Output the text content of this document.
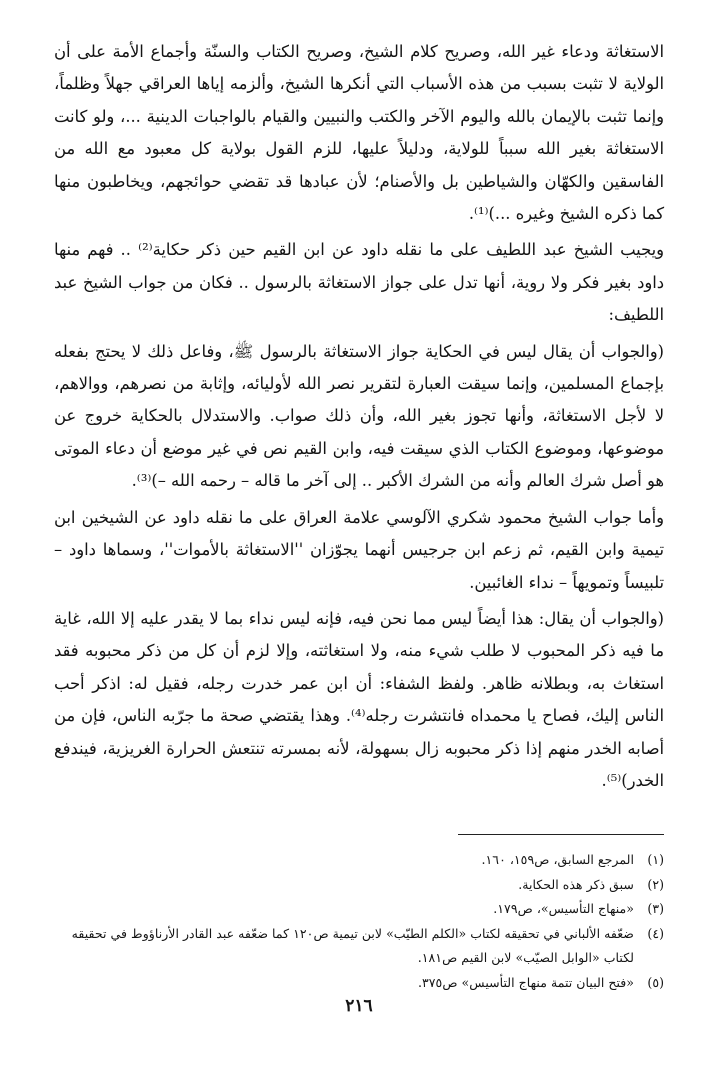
الاستغاثة ودعاء غير الله، وصريح كلام الشيخ، وصريح الكتاب والسنّة وأجماع الأمة على أن الولاية لا تثبت بسبب من هذه الأسباب التي أنكرها الشيخ، وألزمه إياها العراقي جهلاً وظلماً، وإنما تثبت بالإيمان بالله واليوم الآخر والكتب والنبيين والقيام بالواجبات الدينية ...، ولو كانت الاستغاثة بغير الله سبباً للولاية، ودليلاً عليها، للزم القول بولاية كل معبود مع الله من الفاسقين والكهّان والشياطين بل والأصنام؛ لأن عبادها قد تقضي حوائجهم، ويخاطبون منها كما ذكره الشيخ وغيره ...)⁽¹⁾.

ويجيب الشيخ عبد اللطيف على ما نقله داود عن ابن القيم حين ذكر حكاية⁽²⁾ .. فهم منها داود بغير فكر ولا روية، أنها تدل على جواز الاستغاثة بالرسول .. فكان من جواب الشيخ عبد اللطيف:

(والجواب أن يقال ليس في الحكاية جواز الاستغاثة بالرسول ﷺ، وفاعل ذلك لا يحتج بفعله بإجماع المسلمين، وإنما سيقت العبارة لتقرير نصر الله لأوليائه، وإثابة من نصرهم، ووالاهم، لا لأجل الاستغاثة، وأنها تجوز بغير الله، وأن ذلك صواب. والاستدلال بالحكاية خروج عن موضوعها، وموضوع الكتاب الذي سيقت فيه، وابن القيم نص في غير موضع أن دعاء الموتى هو أصل شرك العالم وأنه من الشرك الأكبر .. إلى آخر ما قاله – رحمه الله –)⁽³⁾.

وأما جواب الشيخ محمود شكري الآلوسي علامة العراق على ما نقله داود عن الشيخين ابن تيمية وابن القيم، ثم زعم ابن جرجيس أنهما يجوّزان ''الاستغاثة بالأموات''، وسماها داود – تلبيساً وتمويهاً – نداء الغائبين.

(والجواب أن يقال: هذا أيضاً ليس مما نحن فيه، فإنه ليس نداء بما لا يقدر عليه إلا الله، غاية ما فيه ذكر المحبوب لا طلب شيء منه، ولا استغاثته، وإلا لزم أن كل من ذكر محبوبه فقد استغاث به، وبطلانه ظاهر. ولفظ الشفاء: أن ابن عمر خدرت رجله، فقيل له: اذكر أحب الناس إليك، فصاح يا محمداه فانتشرت رجله⁽⁴⁾. وهذا يقتضي صحة ما جرّبه الناس، فإن من أصابه الخدر منهم إذا ذكر محبوبه زال بسهولة، لأنه بمسرته تنتعش الحرارة الغريزية، فيندفع الخدر)⁽⁵⁾.

(١)
المرجع السابق، ص١٥٩، ١٦٠.
(٢)
سبق ذكر هذه الحكاية.
(٣)
«منهاج التأسيس»، ص١٧٩.
(٤)
ضعّفه الألباني في تحقيقه لكتاب «الكلم الطيّب» لابن تيمية ص١٢٠ كما ضعّفه عبد القادر الأرناؤوط في تحقيقه لكتاب «الوابل الصيّب» لابن القيم ص١٨١.
(٥)
«فتح البيان تتمة منهاج التأسيس» ص٣٧٥.
٢١٦
